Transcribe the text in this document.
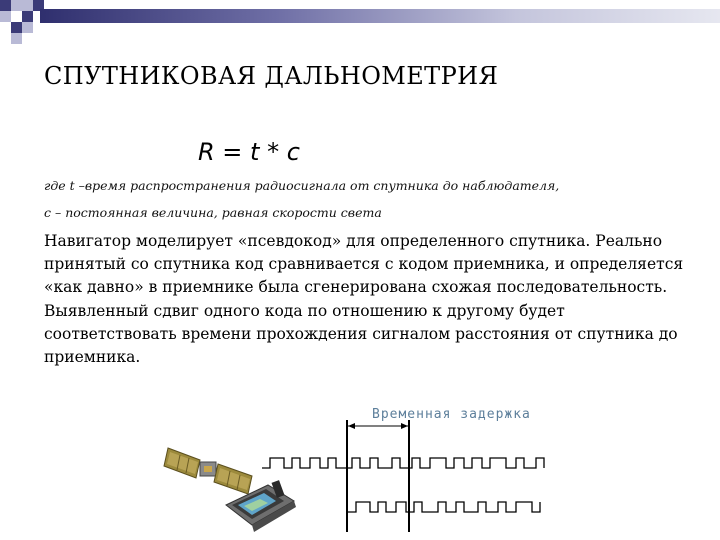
СПУТНИКОВАЯ ДАЛЬНОМЕТРИЯ
R = t * c
где t –время распространения радиосигнала от спутника до наблюдателя,
c – постоянная величина, равная скорости света

Навигатор моделирует «псевдокод» для определенного спутника. Реально принятый со спутника код сравнивается с кодом приемника, и определяется «как давно» в приемнике была сгенерирована схожая последовательность. Выявленный сдвиг одного кода по отношению к другому будет соответствовать времени прохождения сигналом расстояния от спутника до приемника.

Временная задержка
